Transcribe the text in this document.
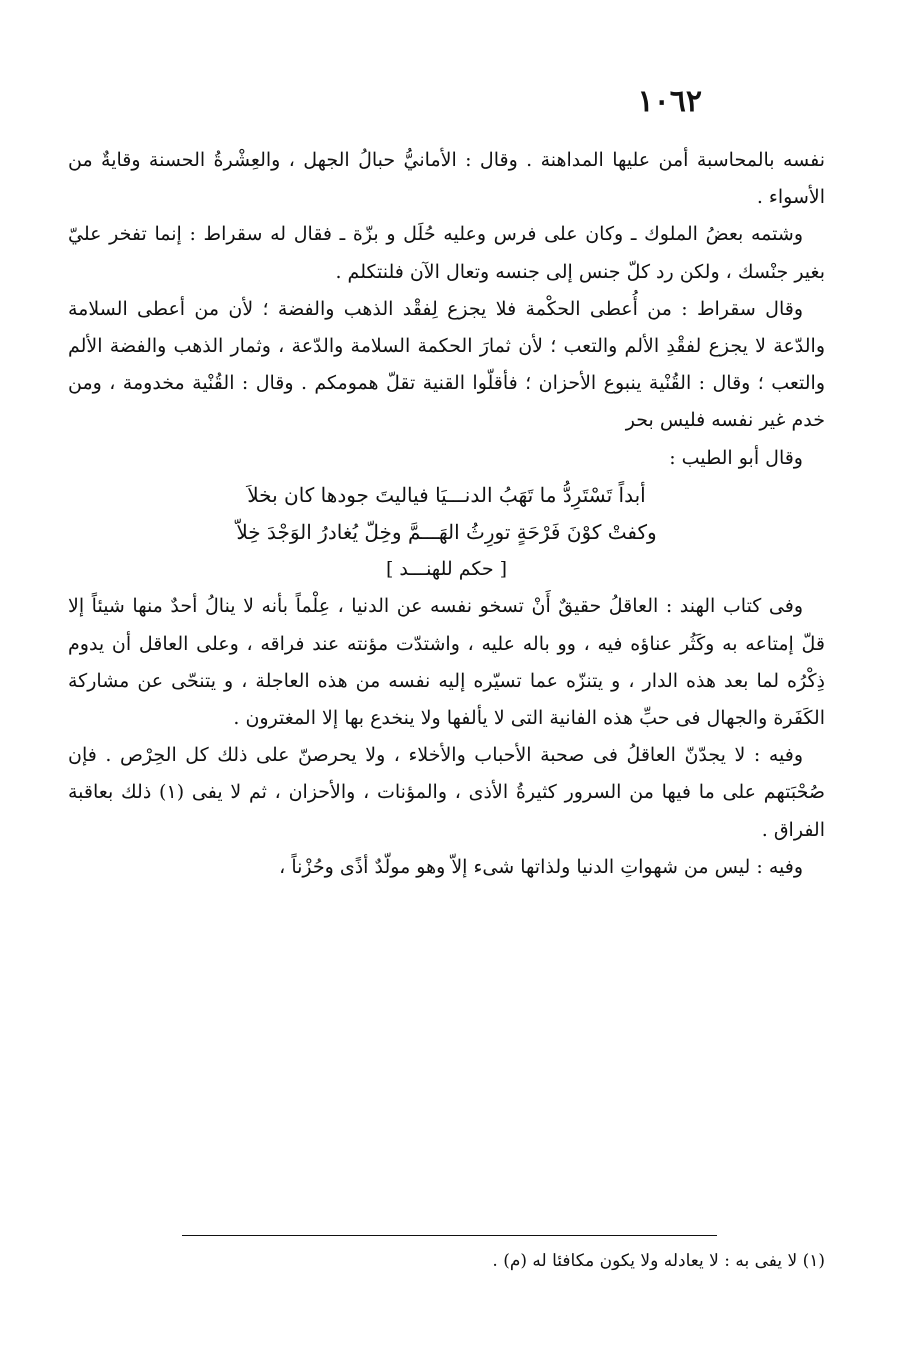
١٠٦٢

نفسه بالمحاسبة أمن عليها المداهنة . وقال : الأمانيُّ حبالُ الجهل ، والعِشْرةُ الحسنة وقايةٌ من الأسواء .

وشتمه بعضُ الملوك ـ وكان على فرس وعليه حُلَل و بزّة ـ فقال له سقراط : إنما تفخر عليّ بغير جنْسك ، ولكن رد كلّ جنس إلى جنسه وتعال الآن فلنتكلم .

وقال سقراط : من أُعطى الحكْمة فلا يجزع لِفقْد الذهب والفضة ؛ لأن من أعطى السلامة والدّعة لا يجزع لفقْدِ الألم والتعب ؛ لأن ثمارَ الحكمة السلامة والدّعة ، وثمار الذهب والفضة الألم والتعب ؛ وقال : القُنْية ينبوع الأحزان ؛ فأقلّوا القنية تقلّ همومكم . وقال : القُنْية مخدومة ، ومن خدم غير نفسه فليس بحر

وقال أبو الطيب :

أبداً تَسْتَرِدُّ ما تَهَبُ الدنـــيَا فياليتَ جودها كان بخلاَ

وكفتْ كوْنَ فَرْحَةٍ تورِثُ الهَـــمَّ وخِلّ يُغادرُ الوَجْدَ خِلاّ

[ حكم للهنـــد ]

وفى كتاب الهند : العاقلُ حقيقٌ أَنْ تسخو نفسه عن الدنيا ، عِلْماً بأنه لا ينالُ أحدٌ منها شيئاً إلا قلّ إمتاعه به وكَثُر عناؤه فيه ، وو باله عليه ، واشتدّت مؤنته عند فراقه ، وعلى العاقل أن يدوم ذِكْرُه لما بعد هذه الدار ، و يتنزّه عما تسيّره إليه نفسه من هذه العاجلة ، و يتنحّى عن مشاركة الكَفَرة والجهال فى حبِّ هذه الفانية التى لا يألفها ولا ينخدع بها إلا المغترون .

وفيه : لا يجدّنّ العاقلُ فى صحبة الأحباب والأخلاء ، ولا يحرصنّ على ذلك كل الحِرْص . فإن صُحْبَتهم على ما فيها من السرور كثيرةُ الأذى ، والمؤنات ، والأحزان ، ثم لا يفى (١) ذلك بعاقبة الفراق .

وفيه : ليس من شهواتِ الدنيا ولذاتها شىء إلاّ وهو مولّدٌ أذًى وحُزْناً ،

(١) لا يفى به : لا يعادله ولا يكون مكافئا له (م) .
